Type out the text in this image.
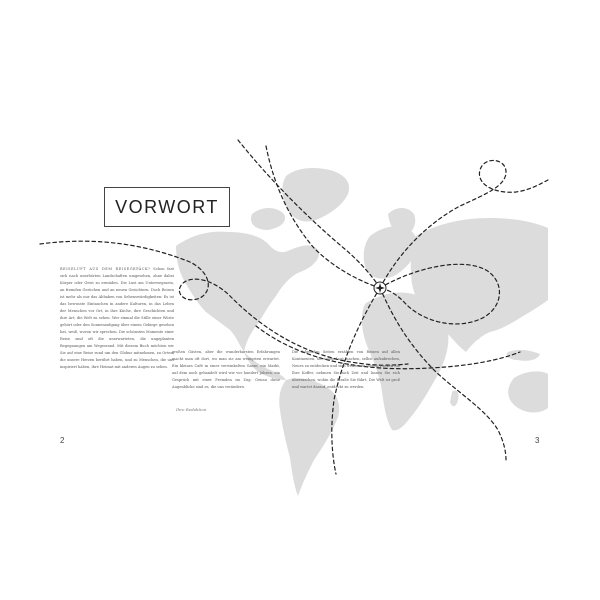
VORWORT

REISELUFT AUS DEM REISEGEPÄCK? Schon fast sich nach unerhörten Landschaften umgesehen, ohne dabei Körper oder Geist zu ermüden. Die Lust am Unterwegssein, an fremden Gerüchen und an neuen Gesichtern. Doch Reisen ist mehr als nur das Abhaken von Sehenswürdigkeiten: Es ist das bewusste Eintauchen in andere Kulturen, in das Leben der Menschen vor Ort, in ihre Küche, ihre Geschichten und ihre Art, die Welt zu sehen. Wer einmal die Stille einer Wüste gehört oder den Sonnenaufgang über einem Gebirge gesehen hat, weiß, wovon wir sprechen. Die schönsten Momente einer Reise sind oft die unerwarteten, die ungeplanten Begegnungen am Wegesrand. Mit diesem Buch möchten wir Sie auf eine Reise rund um den Globus mitnehmen, zu Orten, die unsere Herzen berührt haben, und zu Menschen, die uns inspiriert haben, ihre Heimat mit anderen Augen zu sehen.

großen Gästen, aber die wunderbarsten Erfahrungen macht man oft dort, wo man sie am wenigsten erwartet. Ein kleines Café in einer verwinkelten Gasse, ein Markt, auf dem noch gehandelt wird wie vor hundert Jahren, ein Gespräch mit einer Fremden im Zug. Genau diese Augenblicke sind es, die uns verändern.

Die folgenden Seiten erzählen von Reisen auf allen Kontinenten. Sie sollen Lust machen, selbst aufzubrechen, Neues zu entdecken und sich treiben zu lassen. Packen Sie Ihre Koffer, nehmen Sie sich Zeit und lassen Sie sich überraschen, wohin die Straße Sie führt. Die Welt ist groß und wartet darauf, entdeckt zu werden.

Ihre Redaktion
2	3
